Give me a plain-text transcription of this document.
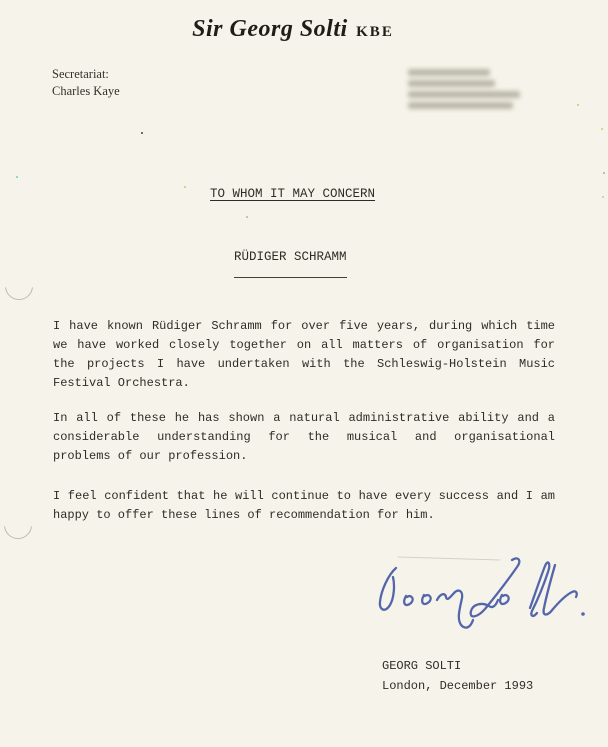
Sir Georg Solti KBE
Secretariat:
Charles Kaye
TO WHOM IT MAY CONCERN
RÜDIGER SCHRAMM

I have known Rüdiger Schramm for over five years, during which time we have worked closely together on all matters of organisation for the projects I have undertaken with the Schleswig-Holstein Music Festival Orchestra.

In all of these he has shown a natural administrative ability and a considerable understanding for the musical and organisational problems of our profession.

I feel confident that he will continue to have every success and I am happy to offer these lines of recommendation for him.

GEORG SOLTI
London, December 1993
